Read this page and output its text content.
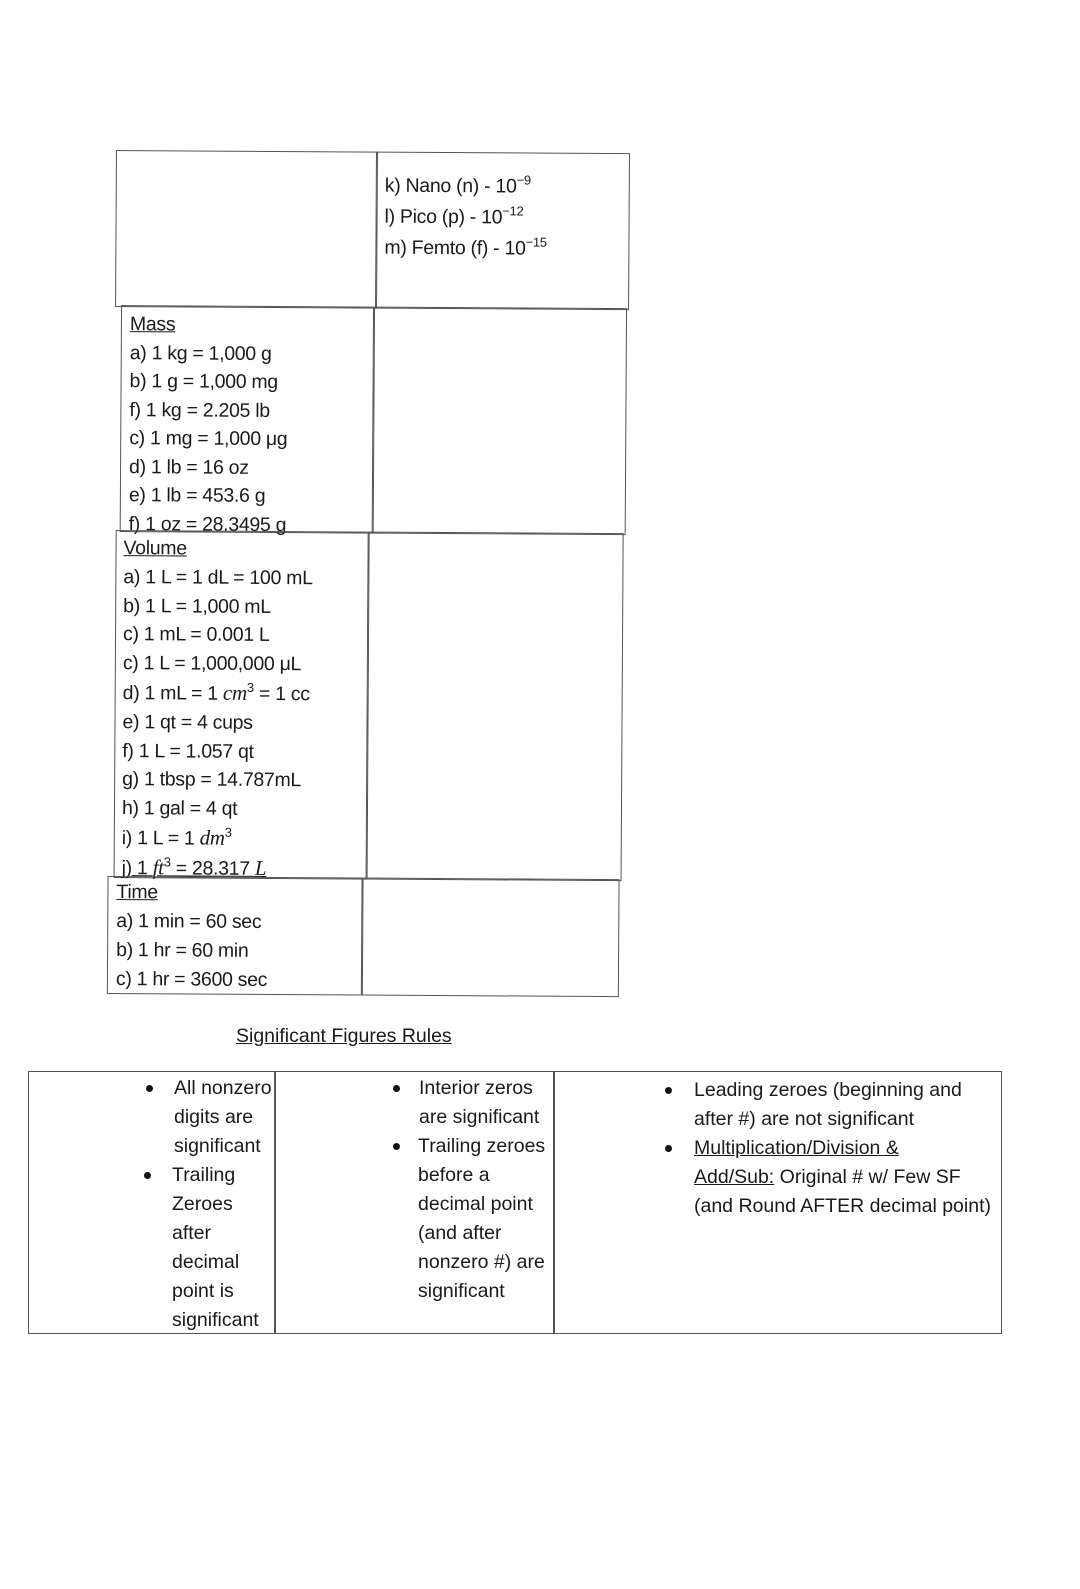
k) Nano $(n) - 10^{-9}$
l) Pico $(p) - 10^{-12}$
m) Femto $(f) - 10^{-15}$
Mass
a) 1 kg = 1,000 g
b) 1 g = 1,000 mg
f) 1 kg = 2.205 lb
c) 1 mg = 1,000 μg
d) 1 lb = 16 oz
e) 1 lb = 453.6 g
f) 1 oz = 28.3495 g
Volume
a) 1 L = 1 dL = 100 mL
b) 1 L = 1,000 mL
c) 1 mL = 0.001 L
c) 1 L = 1,000,000 μL
d) 1 mL = 1 $cm^3 = 1$ cc
e) 1 qt = 4 cups
f) 1 L = 1.057 qt
g) 1 tbsp = 14.787mL
h) 1 gal = 4 qt
i) 1 L = 1 $dm^3$
j) 1 $ft^3 = 28.317$ L
Time
a) 1 min = 60 sec
b) 1 hr = 60 min
c) 1 hr = 3600 sec
Significant Figures Rules
All nonzero
digits are
significant
Trailing
Zeroes
after
decimal
point is
significant
Interior zeros
are significant
Trailing zeroes
before a
decimal point
(and after
nonzero #) are
significant
Leading zeroes (beginning and
after #) are not significant
Multiplication/Division &
Add/Sub: Original # w/ Few SF
(and Round AFTER decimal point)
